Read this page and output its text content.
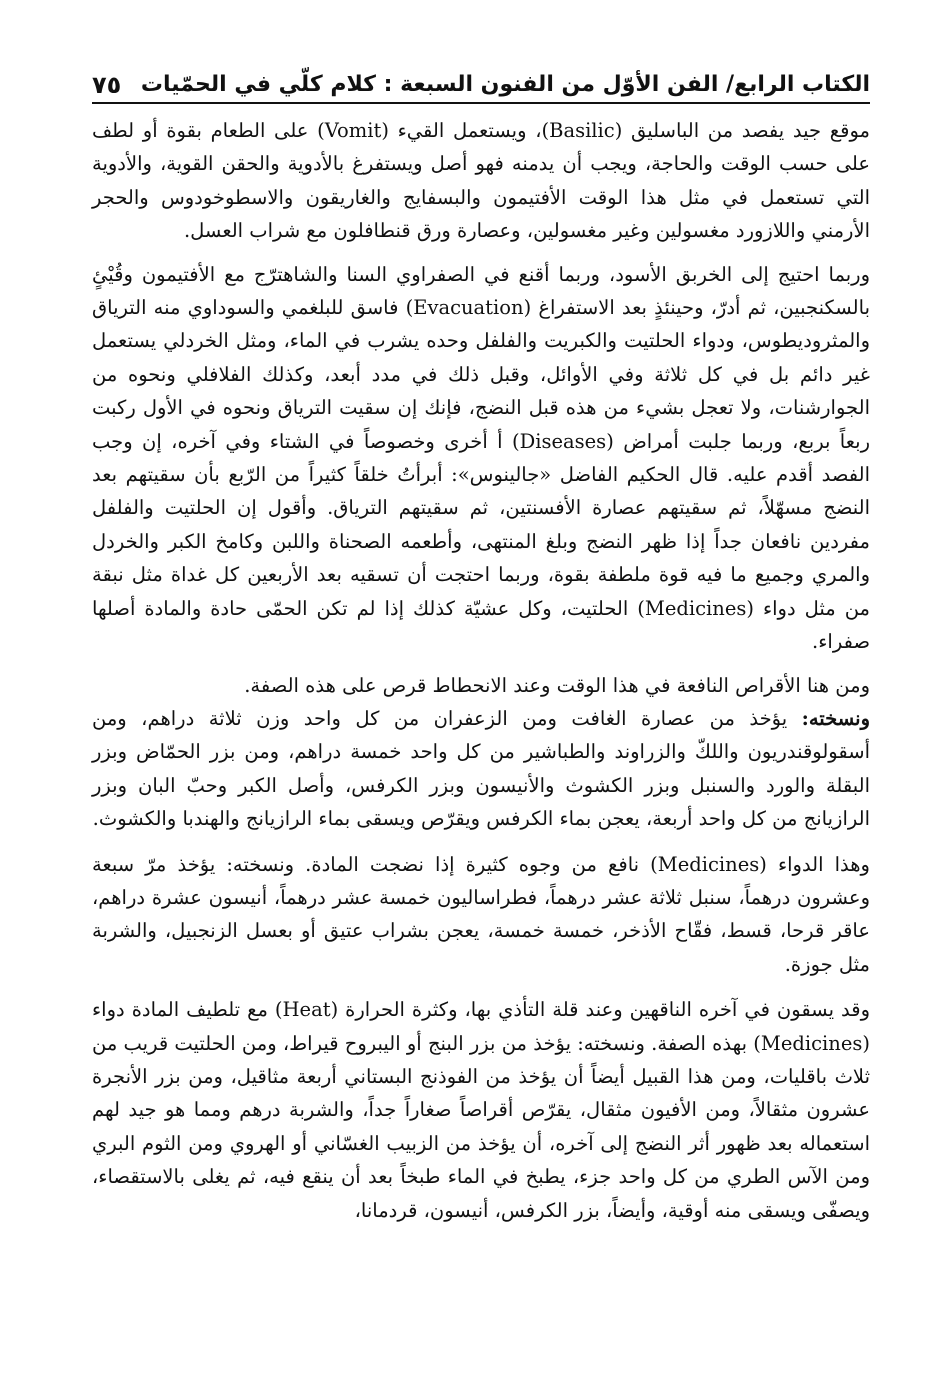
الكتاب الرابع/ الفن الأوّل من الفنون السبعة : كلام كلّي في الحمّيات
٧٥

موقع جيد يفصد من الباسليق (Basilic)، ويستعمل القيء (Vomit) على الطعام بقوة أو لطف على حسب الوقت والحاجة، ويجب أن يدمنه فهو أصل ويستفرغ بالأدوية والحقن القوية، والأدوية التي تستعمل في مثل هذا الوقت الأفتيمون والبسفايج والغاريقون والاسطوخودوس والحجر الأرمني واللازورد مغسولين وغير مغسولين، وعصارة ورق قنطافلون مع شراب العسل.

وربما احتيج إلى الخربق الأسود، وربما أقنع في الصفراوي السنا والشاهترّج مع الأفتيمون وقُيْئٍ بالسكنجبين، ثم أدرّ، وحينئذٍ بعد الاستفراغ (Evacuation) فاسق للبلغمي والسوداوي منه الترياق والمثروديطوس، ودواء الحلتيت والكبريت والفلفل وحده يشرب في الماء، ومثل الخردلي يستعمل غير دائم بل في كل ثلاثة وفي الأوائل، وقبل ذلك في مدد أبعد، وكذلك الفلافلي ونحوه من الجوارشنات، ولا تعجل بشيء من هذه قبل النضج، فإنك إن سقيت الترياق ونحوه في الأول ركبت ربعاً بربع، وربما جلبت أمراض (Diseases) أ أخرى وخصوصاً في الشتاء وفي آخره، إن وجب الفصد أقدم عليه. قال الحكيم الفاضل «جالينوس»: أبرأتُ خلقاً كثيراً من الرّبع بأن سقيتهم بعد النضج مسهّلاً، ثم سقيتهم عصارة الأفسنتين، ثم سقيتهم الترياق. وأقول إن الحلتيت والفلفل مفردين نافعان جداً إذا ظهر النضج وبلغ المنتهى، وأطعمه الصحناة واللبن وكامخ الكبر والخردل والمري وجميع ما فيه قوة ملطفة بقوة، وربما احتجت أن تسقيه بعد الأربعين كل غداة مثل نبقة من مثل دواء (Medicines) الحلتيت، وكل عشيّة كذلك إذا لم تكن الحمّى حادة والمادة أصلها صفراء.

ومن هنا الأقراص النافعة في هذا الوقت وعند الانحطاط قرص على هذه الصفة.
ونسخته: يؤخذ من عصارة الغافت ومن الزعفران من كل واحد وزن ثلاثة دراهم، ومن أسقولوقندريون واللكّ والزراوند والطباشير من كل واحد خمسة دراهم، ومن بزر الحمّاض وبزر البقلة والورد والسنبل وبزر الكشوث والأنيسون وبزر الكرفس، وأصل الكبر وحبّ البان وبزر الرازيانج من كل واحد أربعة، يعجن بماء الكرفس ويقرّص ويسقى بماء الرازيانج والهندبا والكشوث.

وهذا الدواء (Medicines) نافع من وجوه كثيرة إذا نضجت المادة. ونسخته: يؤخذ مرّ سبعة وعشرون درهماً، سنبل ثلاثة عشر درهماً، فطراساليون خمسة عشر درهماً، أنيسون عشرة دراهم، عاقر قرحا، قسط، فقّاح الأذخر، خمسة خمسة، يعجن بشراب عتيق أو بعسل الزنجبيل، والشربة مثل جوزة.

وقد يسقون في آخره الناقهين وعند قلة التأذي بها، وكثرة الحرارة (Heat) مع تلطيف المادة دواء (Medicines) بهذه الصفة. ونسخته: يؤخذ من بزر البنج أو اليبروح قيراط، ومن الحلتيت قريب من ثلاث باقليات، ومن هذا القبيل أيضاً أن يؤخذ من الفوذنج البستاني أربعة مثاقيل، ومن بزر الأنجرة عشرون مثقالاً، ومن الأفيون مثقال، يقرّص أقراصاً صغاراً جداً، والشربة درهم ومما هو جيد لهم استعماله بعد ظهور أثر النضج إلى آخره، أن يؤخذ من الزبيب الغسّاني أو الهروي ومن الثوم البري ومن الآس الطري من كل واحد جزء، يطبخ في الماء طبخاً بعد أن ينقع فيه، ثم يغلى بالاستقصاء، ويصفّى ويسقى منه أوقية، وأيضاً، بزر الكرفس، أنيسون، قردمانا،
